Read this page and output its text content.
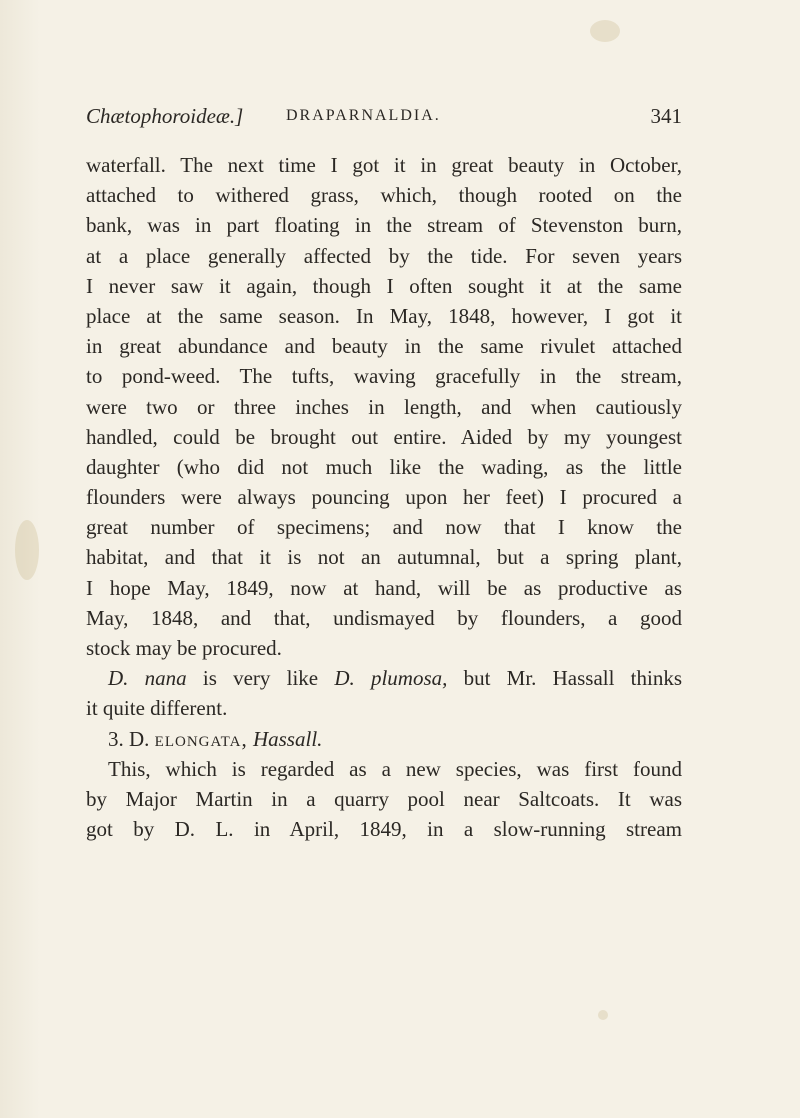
Chætophoroideæ.]	DRAPARNALDIA.	341
waterfall. The next time I got it in great beauty in October,
attached to withered grass, which, though rooted on the
bank, was in part floating in the stream of Stevenston burn,
at a place generally affected by the tide. For seven years
I never saw it again, though I often sought it at the same
place at the same season. In May, 1848, however, I got it
in great abundance and beauty in the same rivulet attached
to pond-weed. The tufts, waving gracefully in the stream,
were two or three inches in length, and when cautiously
handled, could be brought out entire. Aided by my youngest
daughter (who did not much like the wading, as the little
flounders were always pouncing upon her feet) I procured a
great number of specimens; and now that I know the
habitat, and that it is not an autumnal, but a spring plant,
I hope May, 1849, now at hand, will be as productive as
May, 1848, and that, undismayed by flounders, a good
stock may be procured.
D. nana is very like D. plumosa, but Mr. Hassall thinks
it quite different.
3. D. elongata, Hassall.
This, which is regarded as a new species, was first found
by Major Martin in a quarry pool near Saltcoats. It was
got by D. L. in April, 1849, in a slow-running stream
